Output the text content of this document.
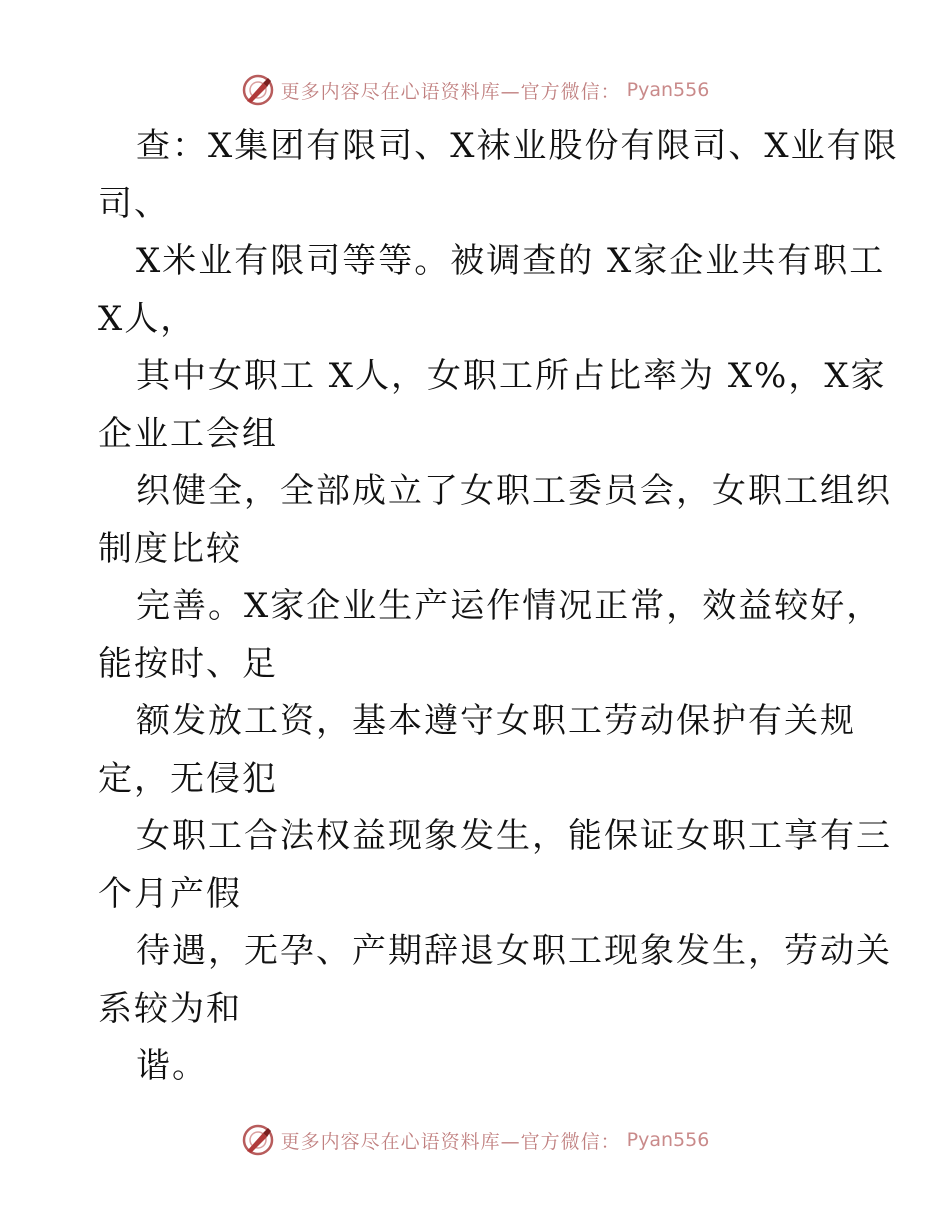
更多内容尽在心语资料库—官方微信： Pyan556

查：X集团有限司、X袜业股份有限司、X业有限
司、

X米业有限司等等。被调查的 X家企业共有职工
X人，

其中女职工 X人，女职工所占比率为 X%，X家
企业工会组

织健全，全部成立了女职工委员会，女职工组织
制度比较

完善。X家企业生产运作情况正常，效益较好，
能按时、足

额发放工资，基本遵守女职工劳动保护有关规
定，无侵犯

女职工合法权益现象发生，能保证女职工享有三
个月产假

待遇，无孕、产期辞退女职工现象发生，劳动关
系较为和

谐。

更多内容尽在心语资料库—官方微信： Pyan556
